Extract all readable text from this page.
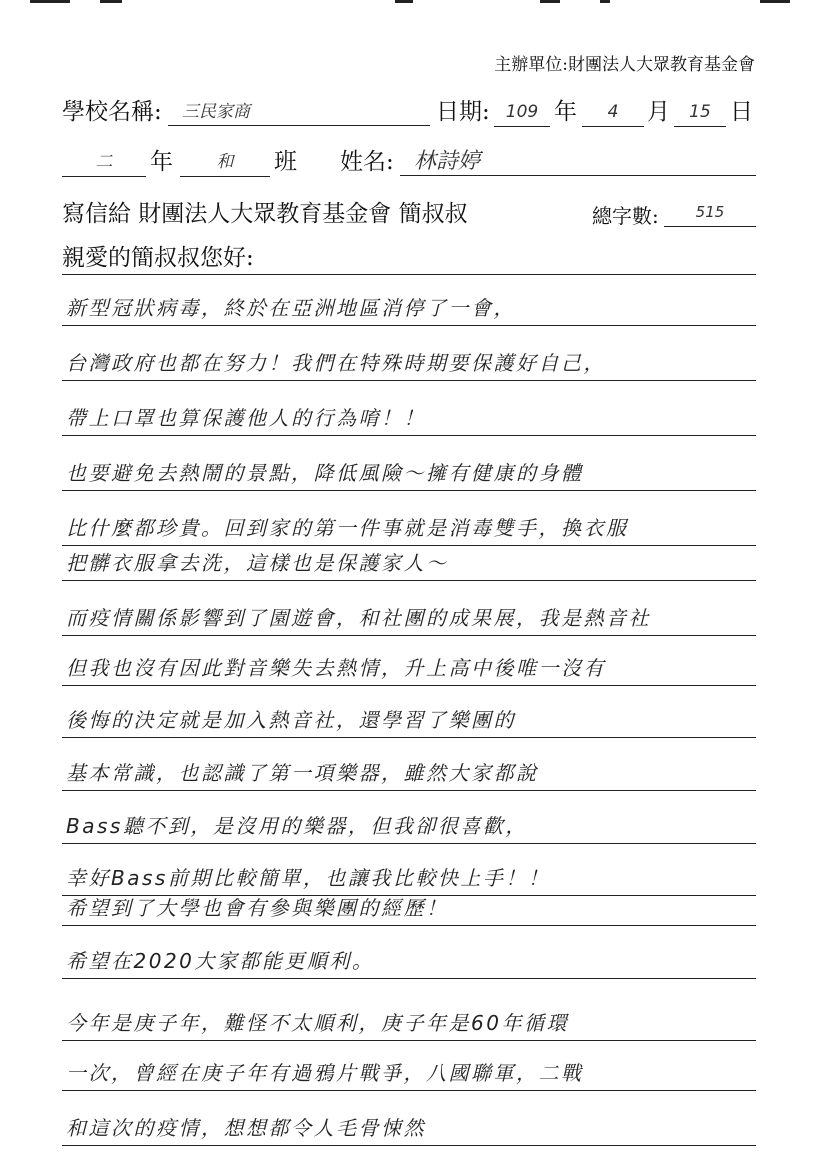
主辦單位:財團法人大眾教育基金會
學校名稱:	三民家商	日期: 109 年	4	月	15 日
二	年	和	班 姓名: 林詩婷
寫信給 財團法人大眾教育基金會 簡叔叔	總字數:	515
親愛的簡叔叔您好:
新型冠狀病毒，終於在亞洲地區消停了一會，
台灣政府也都在努力！我們在特殊時期要保護好自己，
帶上口罩也算保護他人的行為唷！！
也要避免去熱鬧的景點，降低風險～擁有健康的身體
比什麼都珍貴。回到家的第一件事就是消毒雙手，換衣服
把髒衣服拿去洗，這樣也是保護家人～
而疫情關係影響到了園遊會，和社團的成果展，我是熱音社
但我也沒有因此對音樂失去熱情，升上高中後唯一沒有
後悔的決定就是加入熱音社，還學習了樂團的
基本常識，也認識了第一項樂器，雖然大家都說
Bass聽不到，是沒用的樂器，但我卻很喜歡，
幸好Bass前期比較簡單，也讓我比較快上手！！
希望到了大學也會有參與樂團的經歷！
希望在2020大家都能更順利。
今年是庚子年，難怪不太順利，庚子年是60年循環
一次，曾經在庚子年有過鴉片戰爭，八國聯軍，二戰
和這次的疫情，想想都令人毛骨悚然
